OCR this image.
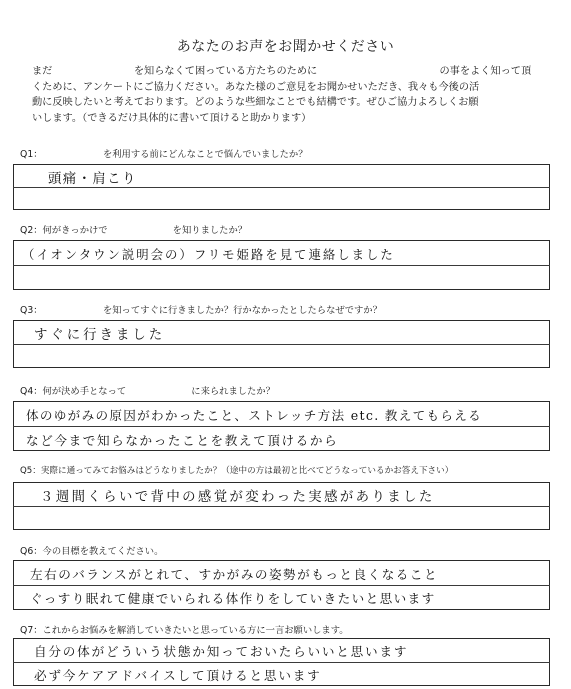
あなたのお声をお聞かせください
まだ　　　　　　　　を知らなくて困っている方たちのために　　　　　　　　　　　　の事をよく知って頂
くために、アンケートにご協力ください。あなた様のご意見をお聞かせいただき、我々も今後の活
動に反映したいと考えております。どのような些細なことでも結構です。ぜひご協力よろしくお願
いします。（できるだけ具体的に書いて頂けると助かります）
Q1：　　　　　　　を利用する前にどんなことで悩んでいましたか？
頭痛・肩こり
Q2：何がきっかけで　　　　　　　を知りましたか？
（イオンタウン説明会の）フリモ姫路を見て連絡しました
Q3：　　　　　　　を知ってすぐに行きましたか？行かなかったとしたらなぜですか？
すぐに行きました
Q4：何が決め手となって　　　　　　　に来られましたか？
体のゆがみの原因がわかったこと、ストレッチ方法 etc. 教えてもらえる
など今まで知らなかったことを教えて頂けるから
Q5：実際に通ってみてお悩みはどうなりましたか？（途中の方は最初と比べてどうなっているかお答え下さい）
３週間くらいで背中の感覚が変わった実感がありました
Q6：今の目標を教えてください。
左右のバランスがとれて、すかがみの姿勢がもっと良くなること
ぐっすり眠れて健康でいられる体作りをしていきたいと思います
Q7：これからお悩みを解消していきたいと思っている方に一言お願いします。
自分の体がどういう状態か知っておいたらいいと思います
必ず今ケアアドバイスして頂けると思います
